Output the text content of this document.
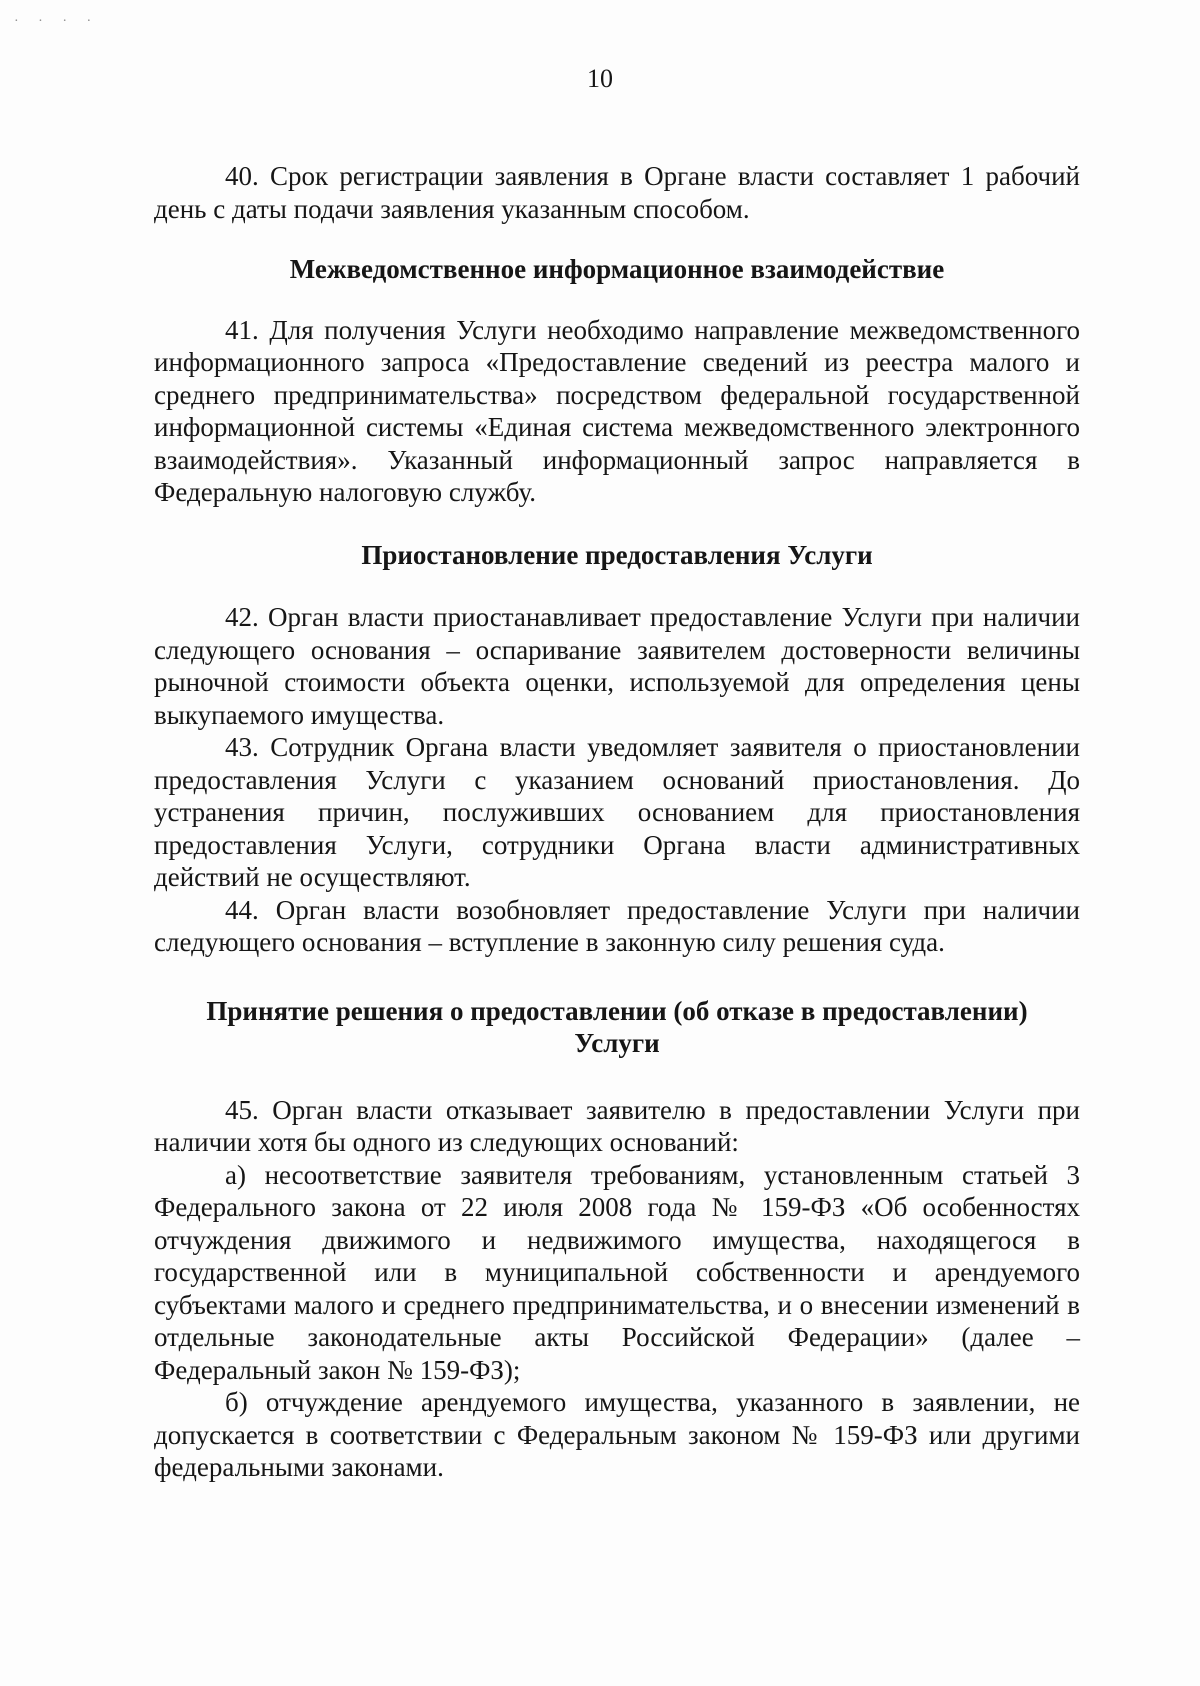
· · · ·
10

40. Срок регистрации заявления в Органе власти составляет 1 рабочий день с даты подачи заявления указанным способом.

Межведомственное информационное взаимодействие

41. Для получения Услуги необходимо направление межведомственного информационного запроса «Предоставление сведений из реестра малого и среднего предпринимательства» посредством федеральной государственной информационной системы «Единая система межведомственного электронного взаимодействия». Указанный информационный запрос направляется в Федеральную налоговую службу.

Приостановление предоставления Услуги

42. Орган власти приостанавливает предоставление Услуги при наличии следующего основания – оспаривание заявителем достоверности величины рыночной стоимости объекта оценки, используемой для определения цены выкупаемого имущества.

43. Сотрудник Органа власти уведомляет заявителя о приостановлении предоставления Услуги с указанием оснований приостановления. До устранения причин, послуживших основанием для приостановления предоставления Услуги, сотрудники Органа власти административных действий не осуществляют.

44. Орган власти возобновляет предоставление Услуги при наличии следующего основания – вступление в законную силу решения суда.

Принятие решения о предоставлении (об отказе в предоставлении)
Услуги

45. Орган власти отказывает заявителю в предоставлении Услуги при наличии хотя бы одного из следующих оснований:

а) несоответствие заявителя требованиям, установленным статьей 3 Федерального закона от 22 июля 2008 года № 159-ФЗ «Об особенностях отчуждения движимого и недвижимого имущества, находящегося в государственной или в муниципальной собственности и арендуемого субъектами малого и среднего предпринимательства, и о внесении изменений в отдельные законодательные акты Российской Федерации» (далее – Федеральный закон № 159-ФЗ);

б) отчуждение арендуемого имущества, указанного в заявлении, не допускается в соответствии с Федеральным законом № 159-ФЗ или другими федеральными законами.
